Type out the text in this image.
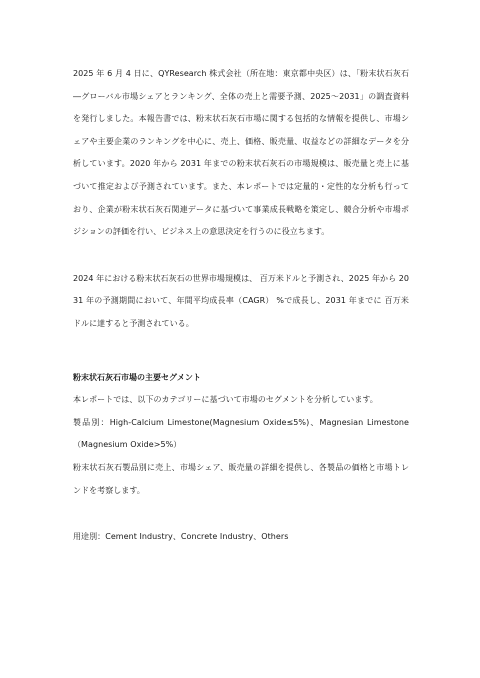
2025 年 6 月 4 日に、QYResearch 株式会社（所在地：東京都中央区）は、「粉末状石灰石―グローバル市場シェアとランキング、全体の売上と需要予測、2025～2031」の調査資料を発行しました。本報告書では、粉末状石灰石市場に関する包括的な情報を提供し、市場シェアや主要企業のランキングを中心に、売上、価格、販売量、収益などの詳細なデータを分析しています。2020 年から 2031 年までの粉末状石灰石の市場規模は、販売量と売上に基づいて推定および予測されています。また、本レポートでは定量的・定性的な分析も行っており、企業が粉末状石灰石関連データに基づいて事業成長戦略を策定し、競合分析や市場ポジションの評価を行い、ビジネス上の意思決定を行うのに役立ちます。

2024 年における粉末状石灰石の世界市場規模は、 百万米ドルと予測され、2025 年から 2031 年の予測期間において、年間平均成長率（CAGR） %で成長し、2031 年までに 百万米ドルに達すると予測されている。

粉末状石灰石市場の主要セグメント

本レポートでは、以下のカテゴリーに基づいて市場のセグメントを分析しています。

製品別：High-Calcium Limestone(Magnesium Oxide≤5%)、Magnesian Limestone（Magnesium Oxide>5%）

粉末状石灰石製品別に売上、市場シェア、販売量の詳細を提供し、各製品の価格と市場トレンドを考察します。

用途別：Cement Industry、Concrete Industry、Others
